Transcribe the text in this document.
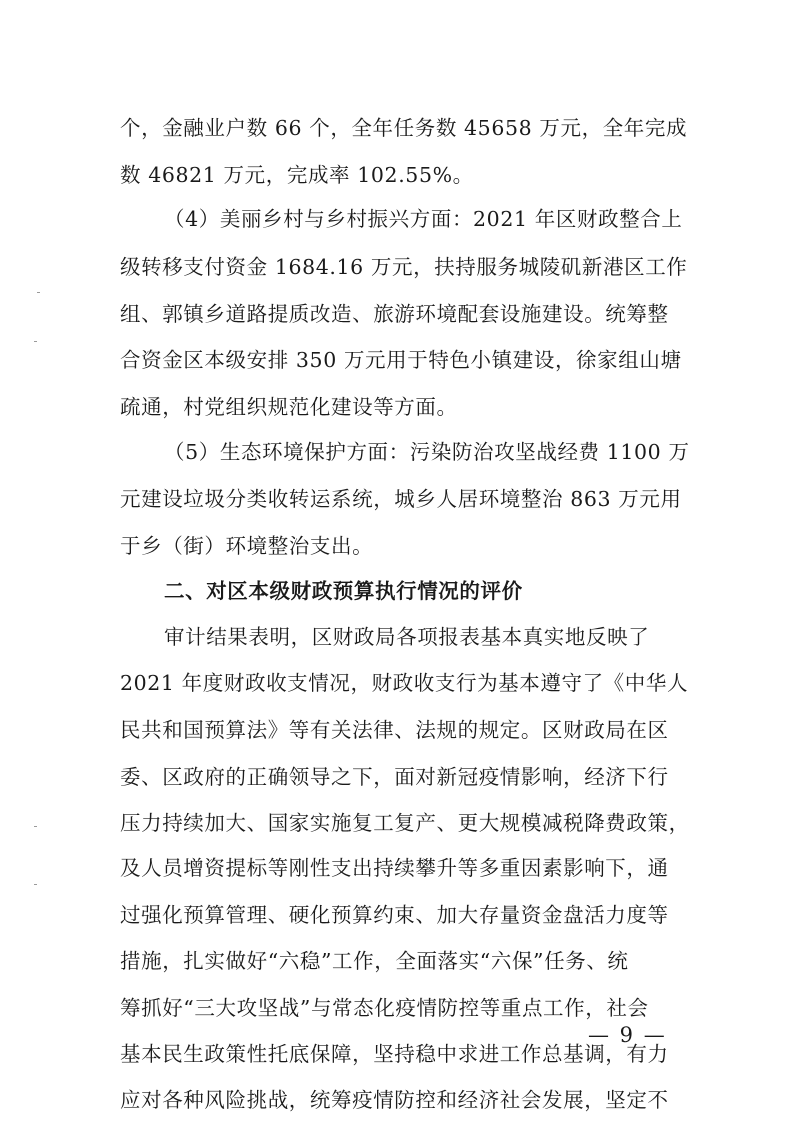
个，金融业户数 66 个，全年任务数 45658 万元，全年完成
数 46821 万元，完成率 102.55%。
（4）美丽乡村与乡村振兴方面：2021 年区财政整合上
级转移支付资金 1684.16 万元，扶持服务城陵矶新港区工作
组、郭镇乡道路提质改造、旅游环境配套设施建设。统筹整
合资金区本级安排 350 万元用于特色小镇建设，徐家组山塘
疏通，村党组织规范化建设等方面。
（5）生态环境保护方面：污染防治攻坚战经费 1100 万
元建设垃圾分类收转运系统，城乡人居环境整治 863 万元用
于乡（街）环境整治支出。
二、对区本级财政预算执行情况的评价
审计结果表明，区财政局各项报表基本真实地反映了
2021 年度财政收支情况，财政收支行为基本遵守了《中华人
民共和国预算法》等有关法律、法规的规定。区财政局在区
委、区政府的正确领导之下，面对新冠疫情影响，经济下行
压力持续加大、国家实施复工复产、更大规模减税降费政策，
及人员增资提标等刚性支出持续攀升等多重因素影响下，通
过强化预算管理、硬化预算约束、加大存量资金盘活力度等
措施，扎实做好“六稳”工作，全面落实“六保”任务、统
筹抓好“三大攻坚战”与常态化疫情防控等重点工作，社会
基本民生政策性托底保障，坚持稳中求进工作总基调，有力
应对各种风险挑战，统筹疫情防控和经济社会发展，坚定不
— 9 —
